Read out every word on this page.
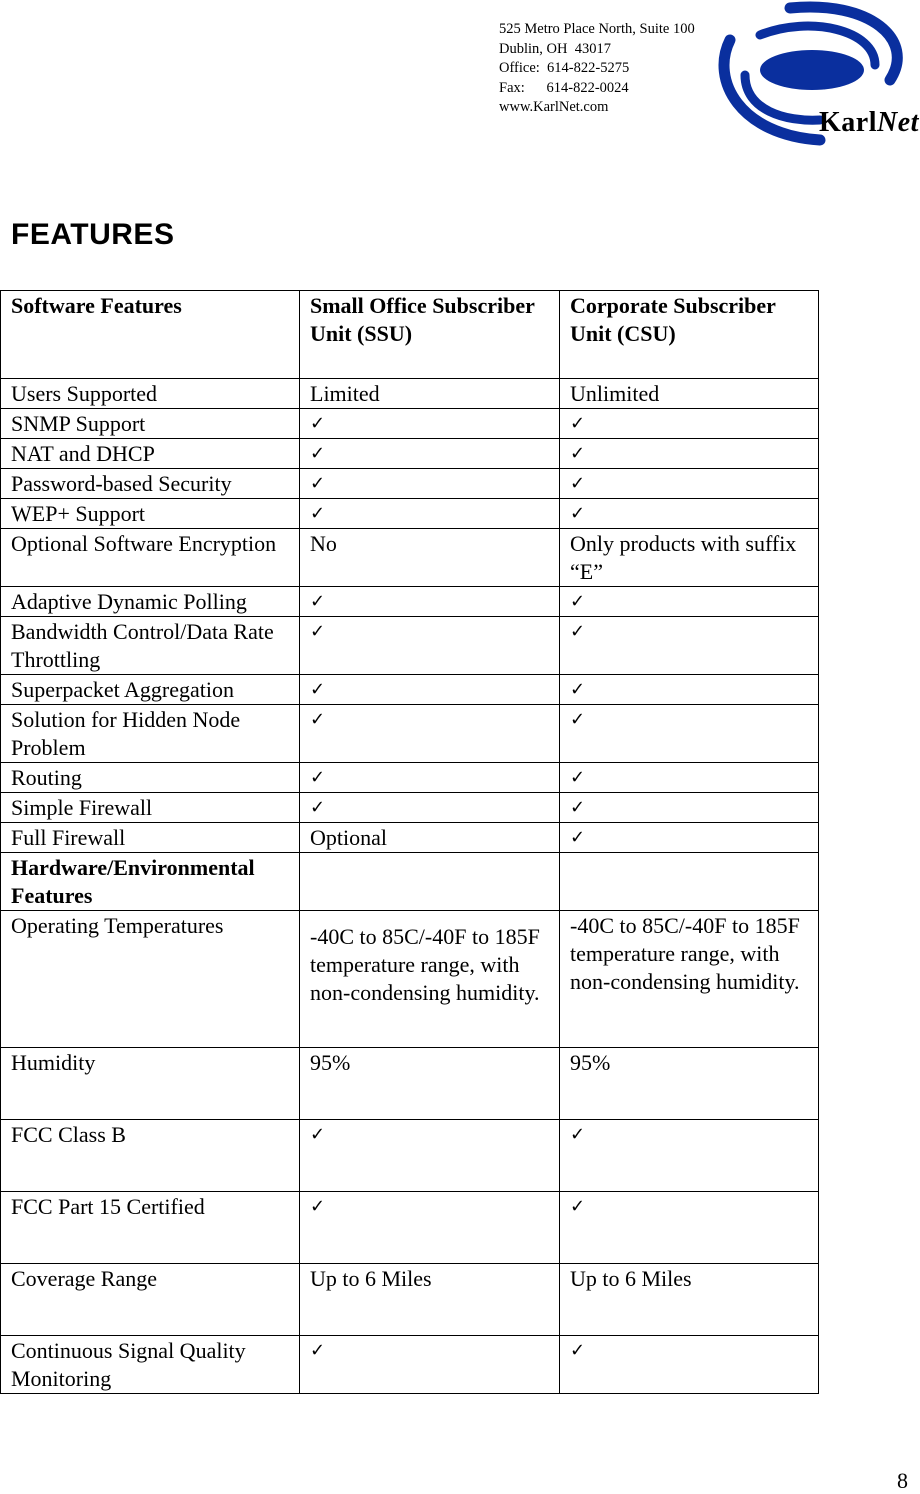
525 Metro Place North, Suite 100
Dublin, OH  43017
Office:  614-822-5275
Fax:      614-822-0024
www.KarlNet.com	KarlNet
FEATURES
Software Features	Small Office Subscriber Unit (SSU)	Corporate Subscriber Unit (CSU)
Users Supported	Limited	Unlimited
SNMP Support	✓	✓
NAT and DHCP	✓	✓
Password-based Security	✓	✓
WEP+ Support	✓	✓
Optional Software Encryption	No	Only products with suffix “E”
Adaptive Dynamic Polling	✓	✓
Bandwidth Control/Data Rate Throttling	✓	✓
Superpacket Aggregation	✓	✓
Solution for Hidden Node Problem	✓	✓
Routing	✓	✓
Simple Firewall	✓	✓
Full Firewall	Optional	✓
Hardware/Environmental Features		
Operating Temperatures	-40C to 85C/-40F to 185F temperature range, with non-condensing humidity.	-40C to 85C/-40F to 185F temperature range, with non-condensing humidity.
Humidity	95%	95%
FCC Class B	✓	✓
FCC Part 15 Certified	✓	✓
Coverage Range	Up to 6 Miles	Up to 6 Miles
Continuous Signal Quality Monitoring	✓	✓
8
